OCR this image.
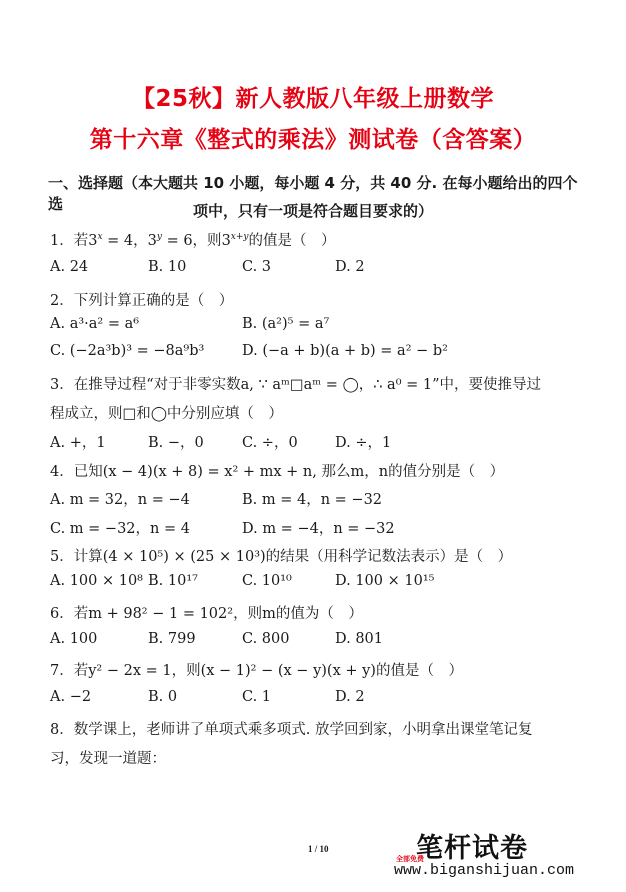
【25秋】新人教版八年级上册数学
第十六章《整式的乘法》测试卷（含答案）
一、选择题（本大题共 10 小题，每小题 4 分，共 40 分. 在每小题给出的四个选	项中，只有一项是符合题目要求的）
1．若$3^x = 4$，$3^y = 6$，则$3^{x+y}$的值是（　）
A. 24	B. 10	C. 3	D. 2
2．下列计算正确的是（　）
A. a³·a² = a⁶	B. (a²)⁵ = a⁷
C. (−2a³b)³ = −8a⁹b³	D. (−a + b)(a + b) = a² − b²
3．在推导过程“对于非零实数a, ∵ aᵐ□aᵐ = ◯，∴ a⁰ = 1”中，要使推导过
程成立，则□和◯中分别应填（　）
A. +，1	B. −，0	C. ÷，0	D. ÷，1
4．已知(x − 4)(x + 8) = x² + mx + n, 那么m，n的值分别是（　）
A. m = 32，n = −4	B. m = 4，n = −32
C. m = −32，n = 4	D. m = −4，n = −32
5．计算(4 × 10⁵) × (25 × 10³)的结果（用科学记数法表示）是（　）
A. 100 × 10⁸ B. 10¹⁷	C. 10¹⁰	D. 100 × 10¹⁵
6．若m + 98² − 1 = 102²，则m的值为（　）
A. 100	B. 799	C. 800	D. 801
7．若y² − 2x = 1，则(x − 1)² − (x − y)(x + y)的值是（　）
A. −2	B. 0	C. 1	D. 2
8．数学课上，老师讲了单项式乘多项式. 放学回到家，小明拿出课堂笔记复
习，发现一道题：
1 / 10	笔杆试卷
全部免费
www.biganshijuan.com
